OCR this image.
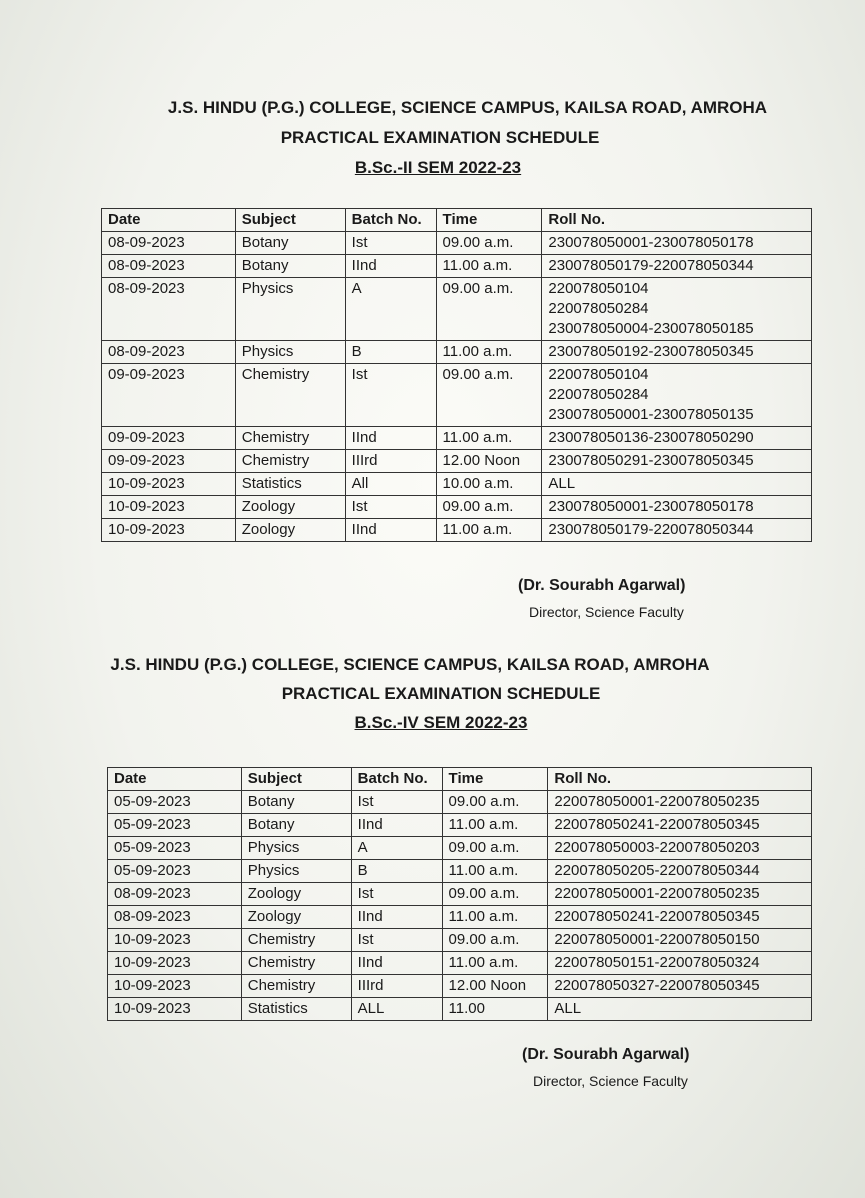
J.S. HINDU (P.G.) COLLEGE, SCIENCE CAMPUS, KAILSA ROAD, AMROHA
PRACTICAL EXAMINATION SCHEDULE
B.Sc.-II SEM 2022-23
Date	Subject	Batch No.	Time	Roll No.
08-09-2023	Botany	Ist	09.00 a.m.	230078050001-230078050178

08-09-2023	Botany	IInd	11.00 a.m.	230078050179-220078050344

08-09-2023	Physics	A	09.00 a.m.	220078050104
220078050284
230078050004-230078050185

08-09-2023	Physics	B	11.00 a.m.	230078050192-230078050345

09-09-2023	Chemistry	Ist	09.00 a.m.	220078050104
220078050284
230078050001-230078050135

09-09-2023	Chemistry	IInd	11.00 a.m.	230078050136-230078050290

09-09-2023	Chemistry	IIIrd	12.00 Noon	230078050291-230078050345

10-09-2023	Statistics	All	10.00 a.m.	ALL

10-09-2023	Zoology	Ist	09.00 a.m.	230078050001-230078050178

10-09-2023	Zoology	IInd	11.00 a.m.	230078050179-220078050344
(Dr. Sourabh Agarwal)
Director, Science Faculty
J.S. HINDU (P.G.) COLLEGE, SCIENCE CAMPUS, KAILSA ROAD, AMROHA
PRACTICAL EXAMINATION SCHEDULE
B.Sc.-IV SEM 2022-23
Date	Subject	Batch No.	Time	Roll No.
05-09-2023	Botany	Ist	09.00 a.m.	220078050001-220078050235

05-09-2023	Botany	IInd	11.00 a.m.	220078050241-220078050345

05-09-2023	Physics	A	09.00 a.m.	220078050003-220078050203

05-09-2023	Physics	B	11.00 a.m.	220078050205-220078050344

08-09-2023	Zoology	Ist	09.00 a.m.	220078050001-220078050235

08-09-2023	Zoology	IInd	11.00 a.m.	220078050241-220078050345

10-09-2023	Chemistry	Ist	09.00 a.m.	220078050001-220078050150

10-09-2023	Chemistry	IInd	11.00 a.m.	220078050151-220078050324

10-09-2023	Chemistry	IIIrd	12.00 Noon	220078050327-220078050345

10-09-2023	Statistics	ALL	11.00	ALL
(Dr. Sourabh Agarwal)
Director, Science Faculty
